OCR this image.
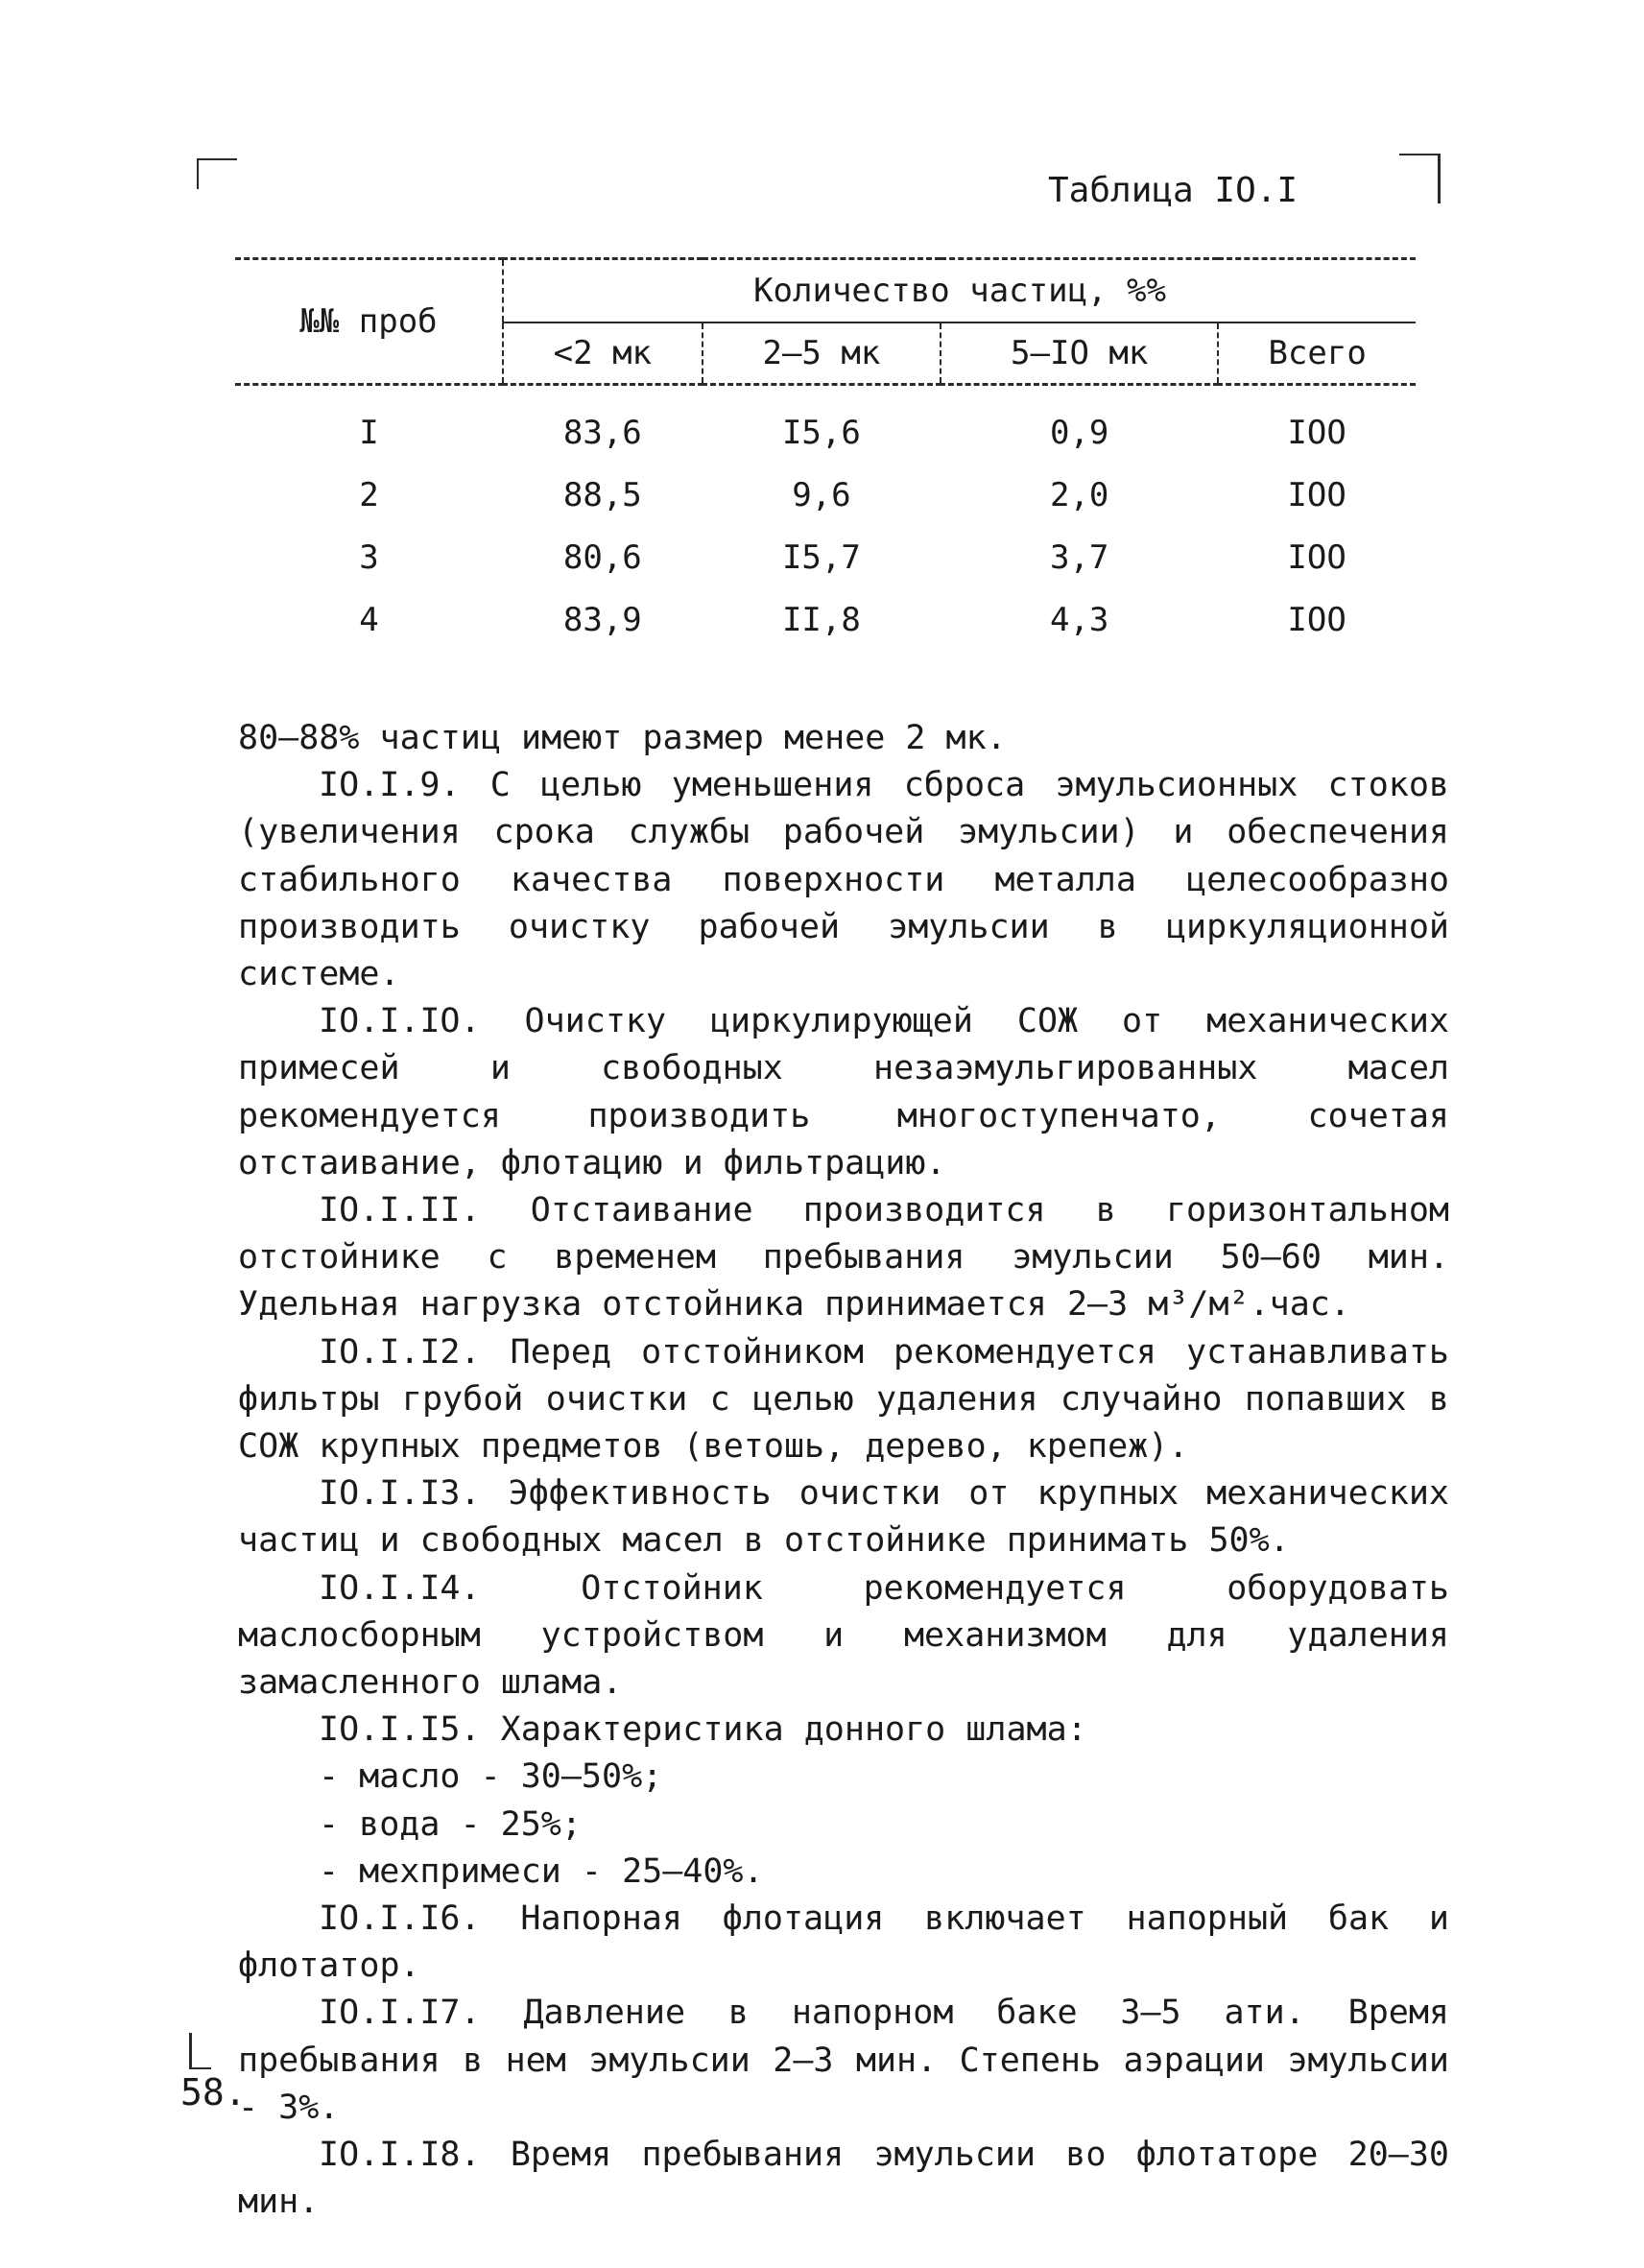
Таблица IO.I
№№ проб	Количество частиц, %%			
	<2 мк	2–5 мк	5–IO мк	Всего
I	83,6	I5,6	0,9	IOO
2	88,5	9,6	2,0	IOO
3	80,6	I5,7	3,7	IOO
4	83,9	II,8	4,3	IOO

80–88% частиц имеют размер менее 2 мк.

IO.I.9. С целью уменьшения сброса эмульсионных стоков (увеличения срока службы рабочей эмульсии) и обеспечения стабильного качества поверхности металла целесообразно производить очистку рабочей эмульсии в циркуляционной системе.

IO.I.IO. Очистку циркулирующей СОЖ от механических примесей и свободных незаэмульгированных масел рекомендуется производить многоступенчато, сочетая отстаивание, флотацию и фильтрацию.

IO.I.II. Отстаивание производится в горизонтальном отстойнике с временем пребывания эмульсии 50–60 мин. Удельная нагрузка отстойника принимается 2–3 м³/м².час.

IO.I.I2. Перед отстойником рекомендуется устанавливать фильтры грубой очистки с целью удаления случайно попавших в СОЖ крупных предметов (ветошь, дерево, крепеж).

IO.I.I3. Эффективность очистки от крупных механических частиц и свободных масел в отстойнике принимать 50%.

IO.I.I4. Отстойник рекомендуется оборудовать маслосборным устройством и механизмом для удаления замасленного шлама.

IO.I.I5. Характеристика донного шлама:

- масло - 30–50%;

- вода - 25%;

- мехпримеси - 25–40%.

IO.I.I6. Напорная флотация включает напорный бак и флотатор.

IO.I.I7. Давление в напорном баке 3–5 ати. Время пребывания в нем эмульсии 2–3 мин. Степень аэрации эмульсии - 3%.

IO.I.I8. Время пребывания эмульсии во флотаторе 20–30 мин.

58.
